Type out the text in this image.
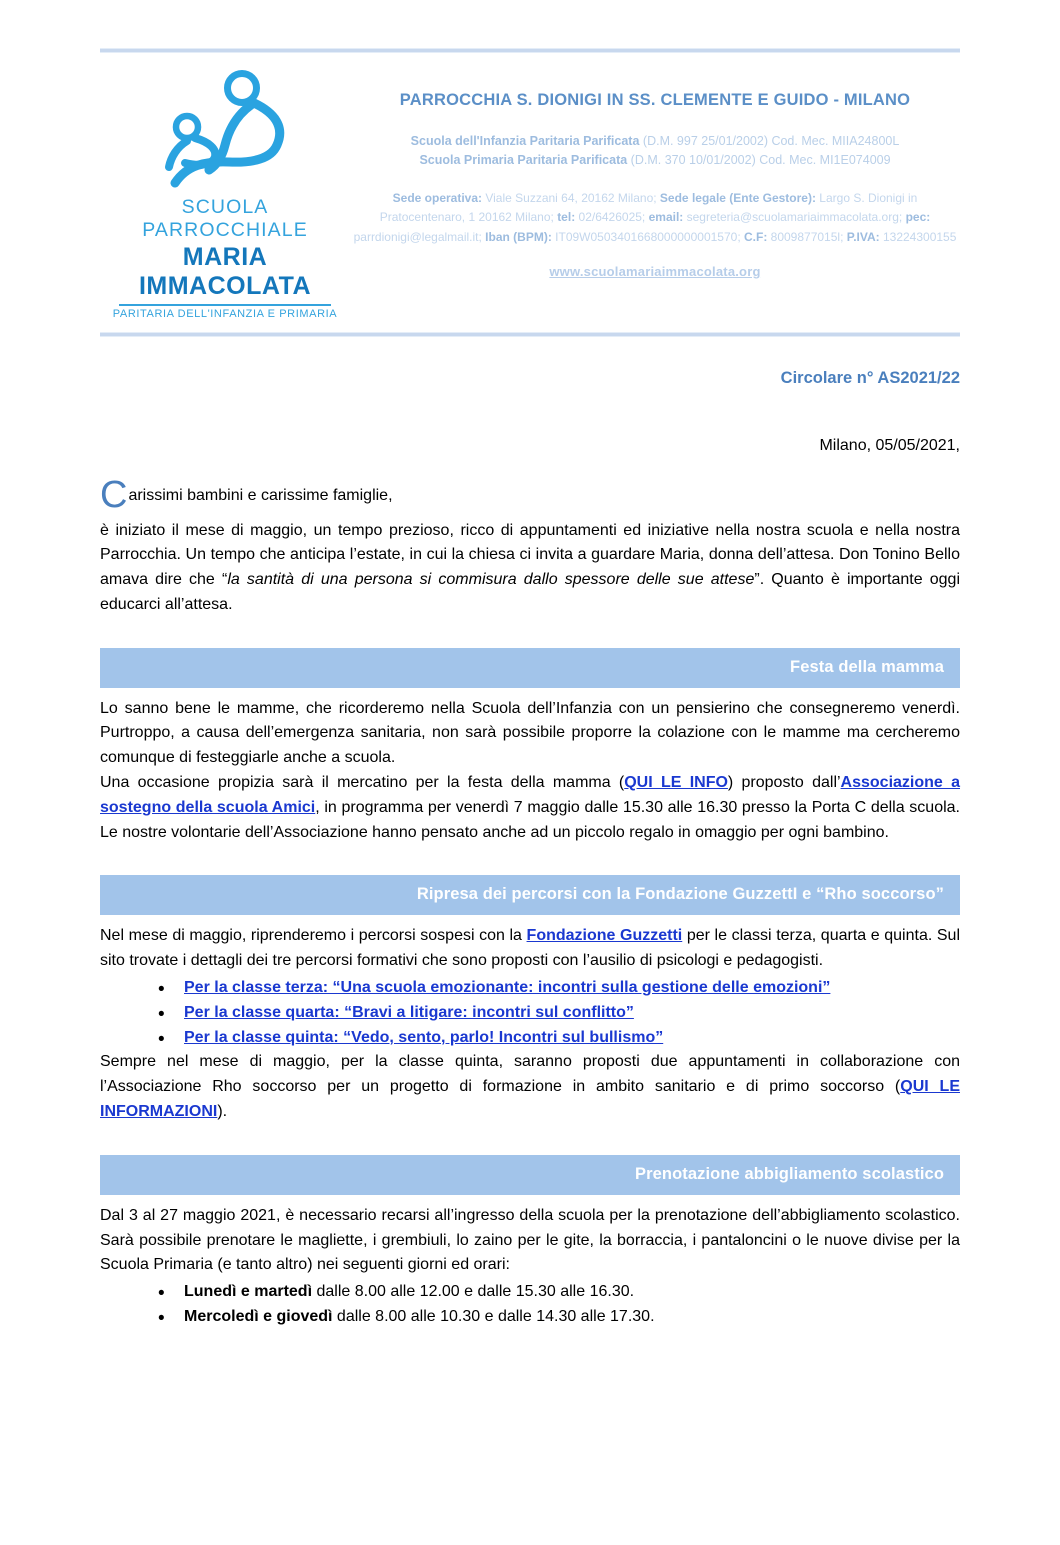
SCUOLA PARROCCHIALE
MARIA IMMACOLATA
PARITARIA DELL'INFANZIA E PRIMARIA
PARROCCHIA S. DIONIGI IN SS. CLEMENTE E GUIDO - MILANO
Scuola dell'Infanzia Paritaria Parificata (D.M. 997 25/01/2002) Cod. Mec. MIIA24800L
Scuola Primaria Paritaria Parificata (D.M. 370 10/01/2002) Cod. Mec. MI1E074009
Sede operativa: Viale Suzzani 64, 20162 Milano; Sede legale (Ente Gestore): Largo S. Dionigi in Pratocentenaro, 1 20162 Milano; tel: 02/6426025; email: segreteria@scuolamariaimmacolata.org; pec: parrdionigi@legalmail.it; Iban (BPM): IT09W0503401668000000001570; C.F: 8009877015l; P.IVA: 13224300155
www.scuolamariaimmacolata.org
Circolare n° AS2021/22
Milano, 05/05/2021,
Carissimi bambini e carissime famiglie,

è iniziato il mese di maggio, un tempo prezioso, ricco di appuntamenti ed iniziative nella nostra scuola e nella nostra Parrocchia. Un tempo che anticipa l’estate, in cui la chiesa ci invita a guardare Maria, donna dell’attesa. Don Tonino Bello amava dire che “la santità di una persona si commisura dallo spessore delle sue attese”. Quanto è importante oggi educarci all’attesa.

Festa della mamma

Lo sanno bene le mamme, che ricorderemo nella Scuola dell’Infanzia con un pensierino che consegneremo venerdì. Purtroppo, a causa dell’emergenza sanitaria, non sarà possibile proporre la colazione con le mamme ma cercheremo comunque di festeggiarle anche a scuola.

Una occasione propizia sarà il mercatino per la festa della mamma (QUI LE INFO) proposto dall’Associazione a sostegno della scuola Amici, in programma per venerdì 7 maggio dalle 15.30 alle 16.30 presso la Porta C della scuola. Le nostre volontarie dell’Associazione hanno pensato anche ad un piccolo regalo in omaggio per ogni bambino.

Ripresa dei percorsi con la Fondazione GuzzettI e “Rho soccorso”

Nel mese di maggio, riprenderemo i percorsi sospesi con la Fondazione Guzzetti per le classi terza, quarta e quinta. Sul sito trovate i dettagli dei tre percorsi formativi che sono proposti con l’ausilio di psicologi e pedagogisti.

• Per la classe terza: “Una scuola emozionante: incontri sulla gestione delle emozioni”
• Per la classe quarta: “Bravi a litigare: incontri sul conflitto”
• Per la classe quinta: “Vedo, sento, parlo! Incontri sul bullismo”

Sempre nel mese di maggio, per la classe quinta, saranno proposti due appuntamenti in collaborazione con l’Associazione Rho soccorso per un progetto di formazione in ambito sanitario e di primo soccorso (QUI LE INFORMAZIONI).

Prenotazione abbigliamento scolastico

Dal 3 al 27 maggio 2021, è necessario recarsi all’ingresso della scuola per la prenotazione dell’abbigliamento scolastico. Sarà possibile prenotare le magliette, i grembiuli, lo zaino per le gite, la borraccia, i pantaloncini o le nuove divise per la Scuola Primaria (e tanto altro) nei seguenti giorni ed orari:

• Lunedì e martedì dalle 8.00 alle 12.00 e dalle 15.30 alle 16.30.
• Mercoledì e giovedì dalle 8.00 alle 10.30 e dalle 14.30 alle 17.30.
